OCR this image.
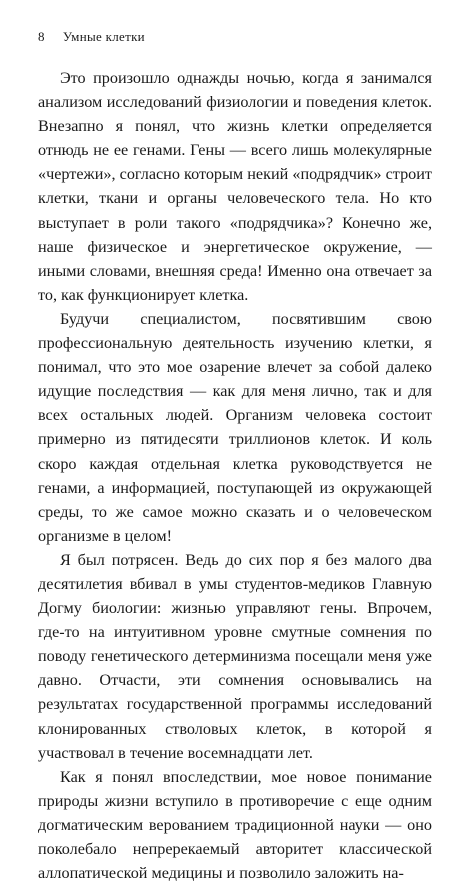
8 Умные клетки

Это произошло однажды ночью, когда я занимался анализом исследований физиологии и поведения клеток. Внезапно я понял, что жизнь клетки определяется отнюдь не ее генами. Гены — всего лишь молекулярные «чертежи», согласно которым некий «подрядчик» строит клетки, ткани и органы человеческого тела. Но кто выступает в роли такого «подрядчика»? Конечно же, наше физическое и энергетическое окружение, — иными словами, внешняя среда! Именно она отвечает за то, как функционирует клетка.

Будучи специалистом, посвятившим свою профессиональную деятельность изучению клетки, я понимал, что это мое озарение влечет за собой далеко идущие последствия — как для меня лично, так и для всех остальных людей. Организм человека состоит примерно из пятидесяти триллионов клеток. И коль скоро каждая отдельная клетка руководствуется не генами, а информацией, поступающей из окружающей среды, то же самое можно сказать и о человеческом организме в целом!

Я был потрясен. Ведь до сих пор я без малого два десятилетия вбивал в умы студентов-медиков Главную Догму биологии: жизнью управляют гены. Впрочем, где-то на интуитивном уровне смутные сомнения по поводу генетического детерминизма посещали меня уже давно. Отчасти, эти сомнения основывались на результатах государственной программы исследований клонированных стволовых клеток, в которой я участвовал в течение восемнадцати лет.

Как я понял впоследствии, мое новое понимание природы жизни вступило в противоречие с еще одним догматическим верованием традиционной науки — оно поколебало непререкаемый авторитет классической аллопатической медицины и позволило заложить на-
